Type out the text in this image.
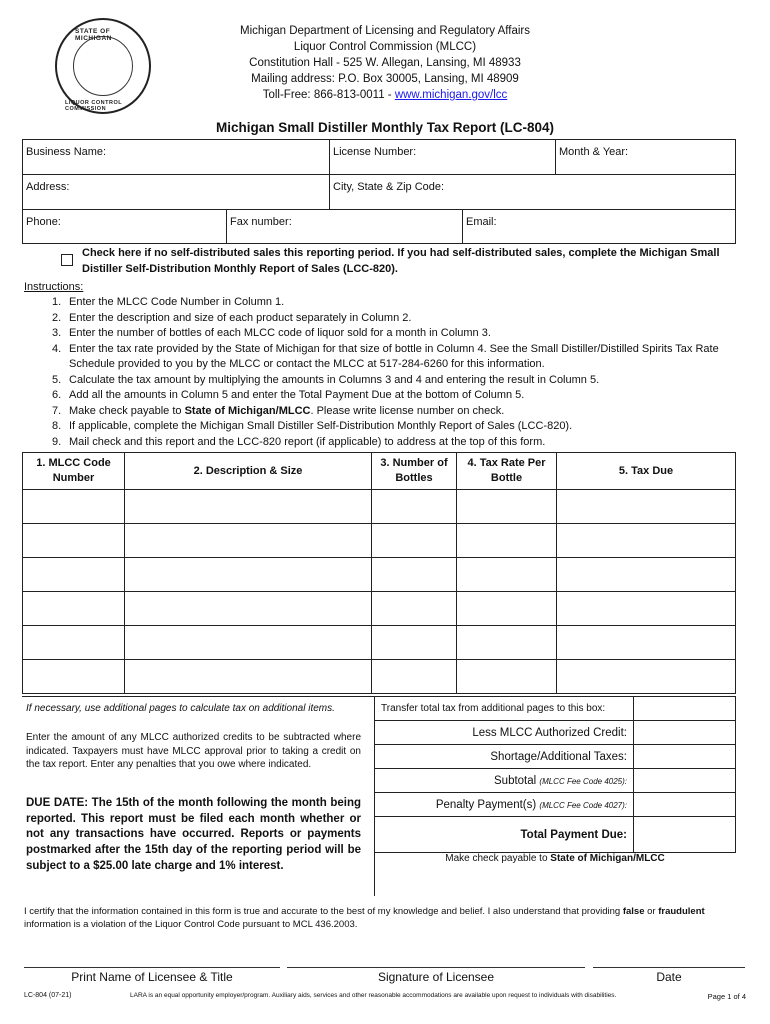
STATE OF MICHIGAN
LIQUOR CONTROL COMMISSION
Michigan Department of Licensing and Regulatory Affairs
Liquor Control Commission (MLCC)
Constitution Hall - 525 W. Allegan, Lansing, MI 48933
Mailing address: P.O. Box 30005, Lansing, MI 48909
Toll-Free: 866-813-0011 - www.michigan.gov/lcc
Michigan Small Distiller Monthly Tax Report (LC-804)
Business Name:	License Number:	Month & Year:
Address:	City, State & Zip Code:
Phone:	Fax number:	Email:
Check here if no self-distributed sales this reporting period. If you had self-distributed sales, complete the Michigan Small Distiller Self-Distribution Monthly Report of Sales (LCC-820).
Instructions:
1. Enter the MLCC Code Number in Column 1.
2. Enter the description and size of each product separately in Column 2.
3. Enter the number of bottles of each MLCC code of liquor sold for a month in Column 3.
4. Enter the tax rate provided by the State of Michigan for that size of bottle in Column 4. See the Small Distiller/Distilled Spirits Tax Rate Schedule provided to you by the MLCC or contact the MLCC at 517-284-6260 for this information.
5. Calculate the tax amount by multiplying the amounts in Columns 3 and 4 and entering the result in Column 5.
6. Add all the amounts in Column 5 and enter the Total Payment Due at the bottom of Column 5.
7. Make check payable to State of Michigan/MLCC. Please write license number on check.
8. If applicable, complete the Michigan Small Distiller Self-Distribution Monthly Report of Sales (LCC-820).
9. Mail check and this report and the LCC-820 report (if applicable) to address at the top of this form.
1. MLCC Code Number	2. Description & Size	3. Number of Bottles	4. Tax Rate Per Bottle	5. Tax Due

If necessary, use additional pages to calculate tax on additional items.
Enter the amount of any MLCC authorized credits to be subtracted where indicated. Taxpayers must have MLCC approval prior to taking a credit on the tax report. Enter any penalties that you owe where indicated.
DUE DATE: The 15th of the month following the month being reported. This report must be filed each month whether or not any transactions have occurred. Reports or payments postmarked after the 15th day of the reporting period will be subject to a $25.00 late charge and 1% interest.
Transfer total tax from additional pages to this box:	
Less MLCC Authorized Credit:	
Shortage/Additional Taxes:	
Subtotal (MLCC Fee Code 4025):	
Penalty Payment(s) (MLCC Fee Code 4027):	
Total Payment Due:	
Make check payable to State of Michigan/MLCC
I certify that the information contained in this form is true and accurate to the best of my knowledge and belief. I also understand that providing false or fraudulent information is a violation of the Liquor Control Code pursuant to MCL 436.2003.
Print Name of Licensee & Title	Signature of Licensee	Date
LC-804 (07-21)	LARA is an equal opportunity employer/program. Auxiliary aids, services and other reasonable accommodations are available upon request to individuals with disabilities.	Page 1 of 4
